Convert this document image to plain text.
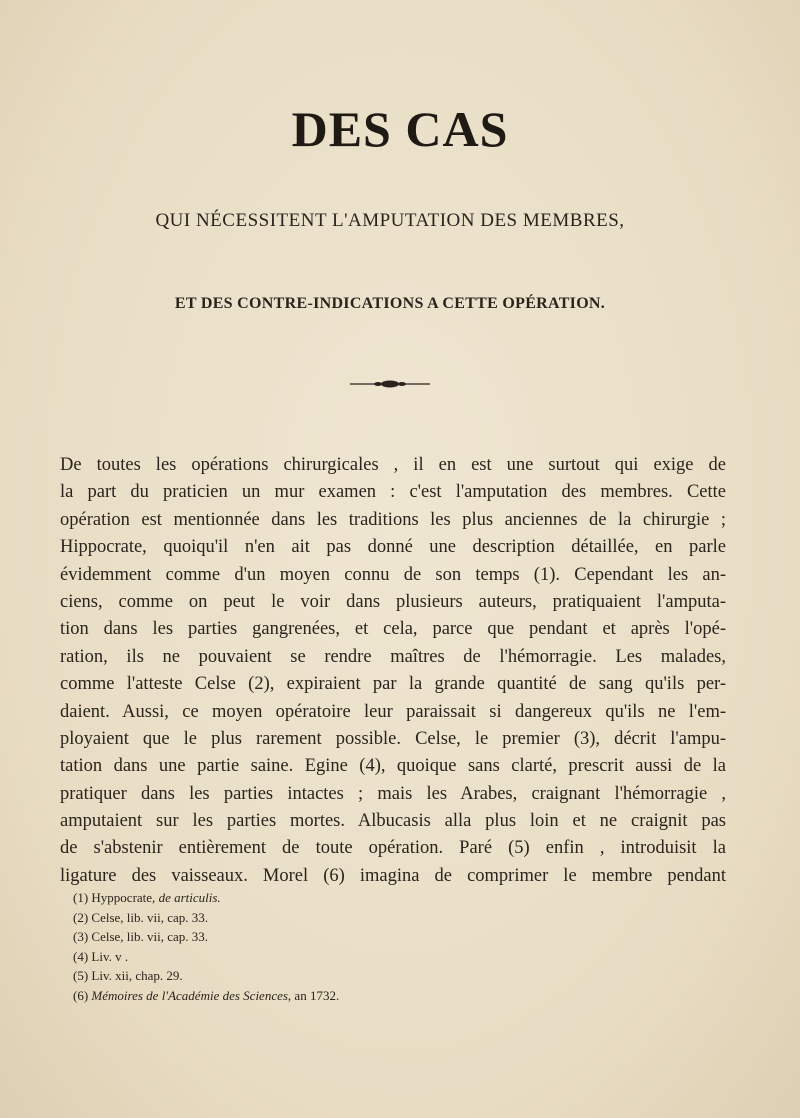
DES CAS
QUI NÉCESSITENT L'AMPUTATION DES MEMBRES,
ET DES CONTRE-INDICATIONS A CETTE OPÉRATION.
De toutes les opérations chirurgicales , il en est une surtout qui exige de
la part du praticien un mur examen : c'est l'amputation des membres. Cette
opération est mentionnée dans les traditions les plus anciennes de la chirurgie ;
Hippocrate, quoiqu'il n'en ait pas donné une description détaillée, en parle
évidemment comme d'un moyen connu de son temps (1). Cependant les an-
ciens, comme on peut le voir dans plusieurs auteurs, pratiquaient l'amputa-
tion dans les parties gangrenées, et cela, parce que pendant et après l'opé-
ration, ils ne pouvaient se rendre maîtres de l'hémorragie. Les malades,
comme l'atteste Celse (2), expiraient par la grande quantité de sang qu'ils per-
daient. Aussi, ce moyen opératoire leur paraissait si dangereux qu'ils ne l'em-
ployaient que le plus rarement possible. Celse, le premier (3), décrit l'ampu-
tation dans une partie saine. Egine (4), quoique sans clarté, prescrit aussi de la
pratiquer dans les parties intactes ; mais les Arabes, craignant l'hémorragie ,
amputaient sur les parties mortes. Albucasis alla plus loin et ne craignit pas
de s'abstenir entièrement de toute opération. Paré (5) enfin , introduisit la
ligature des vaisseaux. Morel (6) imagina de comprimer le membre pendant
(1) Hyppocrate, de articulis.
(2) Celse, lib. vii, cap. 33.
(3) Celse, lib. vii, cap. 33.
(4) Liv. v .
(5) Liv. xii, chap. 29.
(6) Mémoires de l'Académie des Sciences, an 1732.
